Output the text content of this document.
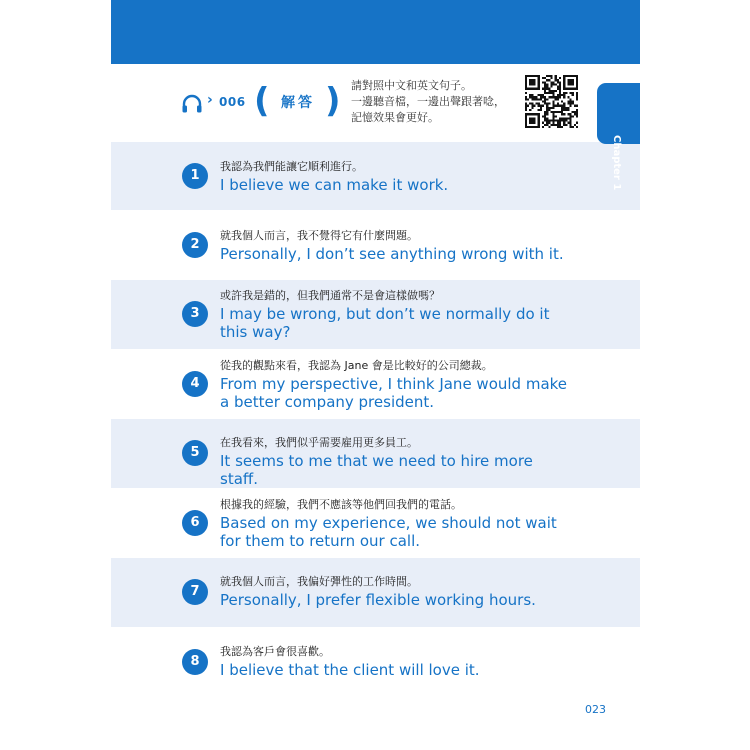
› 006 ( 解答 ) 請對照中文和英文句子。
一邊聽音檔，一邊出聲跟著唸，
記憶效果會更好。
1
我認為我們能讓它順利進行。
I believe we can make it work.
2
就我個人而言，我不覺得它有什麼問題。
Personally, I don’t see anything wrong with it.
3
或許我是錯的，但我們通常不是會這樣做嗎？
I may be wrong, but don’t we normally do it this way?
4
從我的觀點來看，我認為 Jane 會是比較好的公司總裁。
From my perspective, I think Jane would make a better company president.
5
在我看來，我們似乎需要雇用更多員工。
It seems to me that we need to hire more staff.
6
根據我的經驗，我們不應該等他們回我們的電話。
Based on my experience, we should not wait for them to return our call.
7
就我個人而言，我偏好彈性的工作時間。
Personally, I prefer flexible working hours.
8
我認為客戶會很喜歡。
I believe that the client will love it.
023
Chapter 1
